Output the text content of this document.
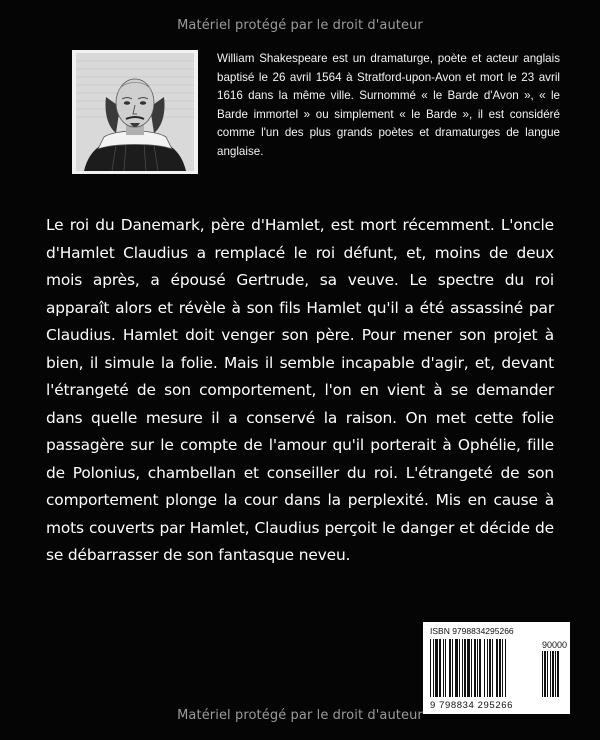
Matériel protégé par le droit d'auteur
William Shakespeare est un dramaturge, poète et acteur anglais baptisé le 26 avril 1564 à Stratford-upon-Avon et mort le 23 avril 1616 dans la même ville. Surnommé « le Barde d'Avon », « le Barde immortel » ou simplement « le Barde », il est considéré comme l'un des plus grands poètes et dramaturges de langue anglaise.
Le roi du Danemark, père d'Hamlet, est mort récemment. L'oncle d'Hamlet Claudius a remplacé le roi défunt, et, moins de deux mois après, a épousé Gertrude, sa veuve. Le spectre du roi apparaît alors et révèle à son fils Hamlet qu'il a été assassiné par Claudius. Hamlet doit venger son père. Pour mener son projet à bien, il simule la folie. Mais il semble incapable d'agir, et, devant l'étrangeté de son comportement, l'on en vient à se demander dans quelle mesure il a conservé la raison. On met cette folie passagère sur le compte de l'amour qu'il porterait à Ophélie, fille de Polonius, chambellan et conseiller du roi. L'étrangeté de son comportement plonge la cour dans la perplexité. Mis en cause à mots couverts par Hamlet, Claudius perçoit le danger et décide de se débarrasser de son fantasque neveu.
ISBN 9798834295266
90000
9 798834 295266
Matériel protégé par le droit d'auteur
